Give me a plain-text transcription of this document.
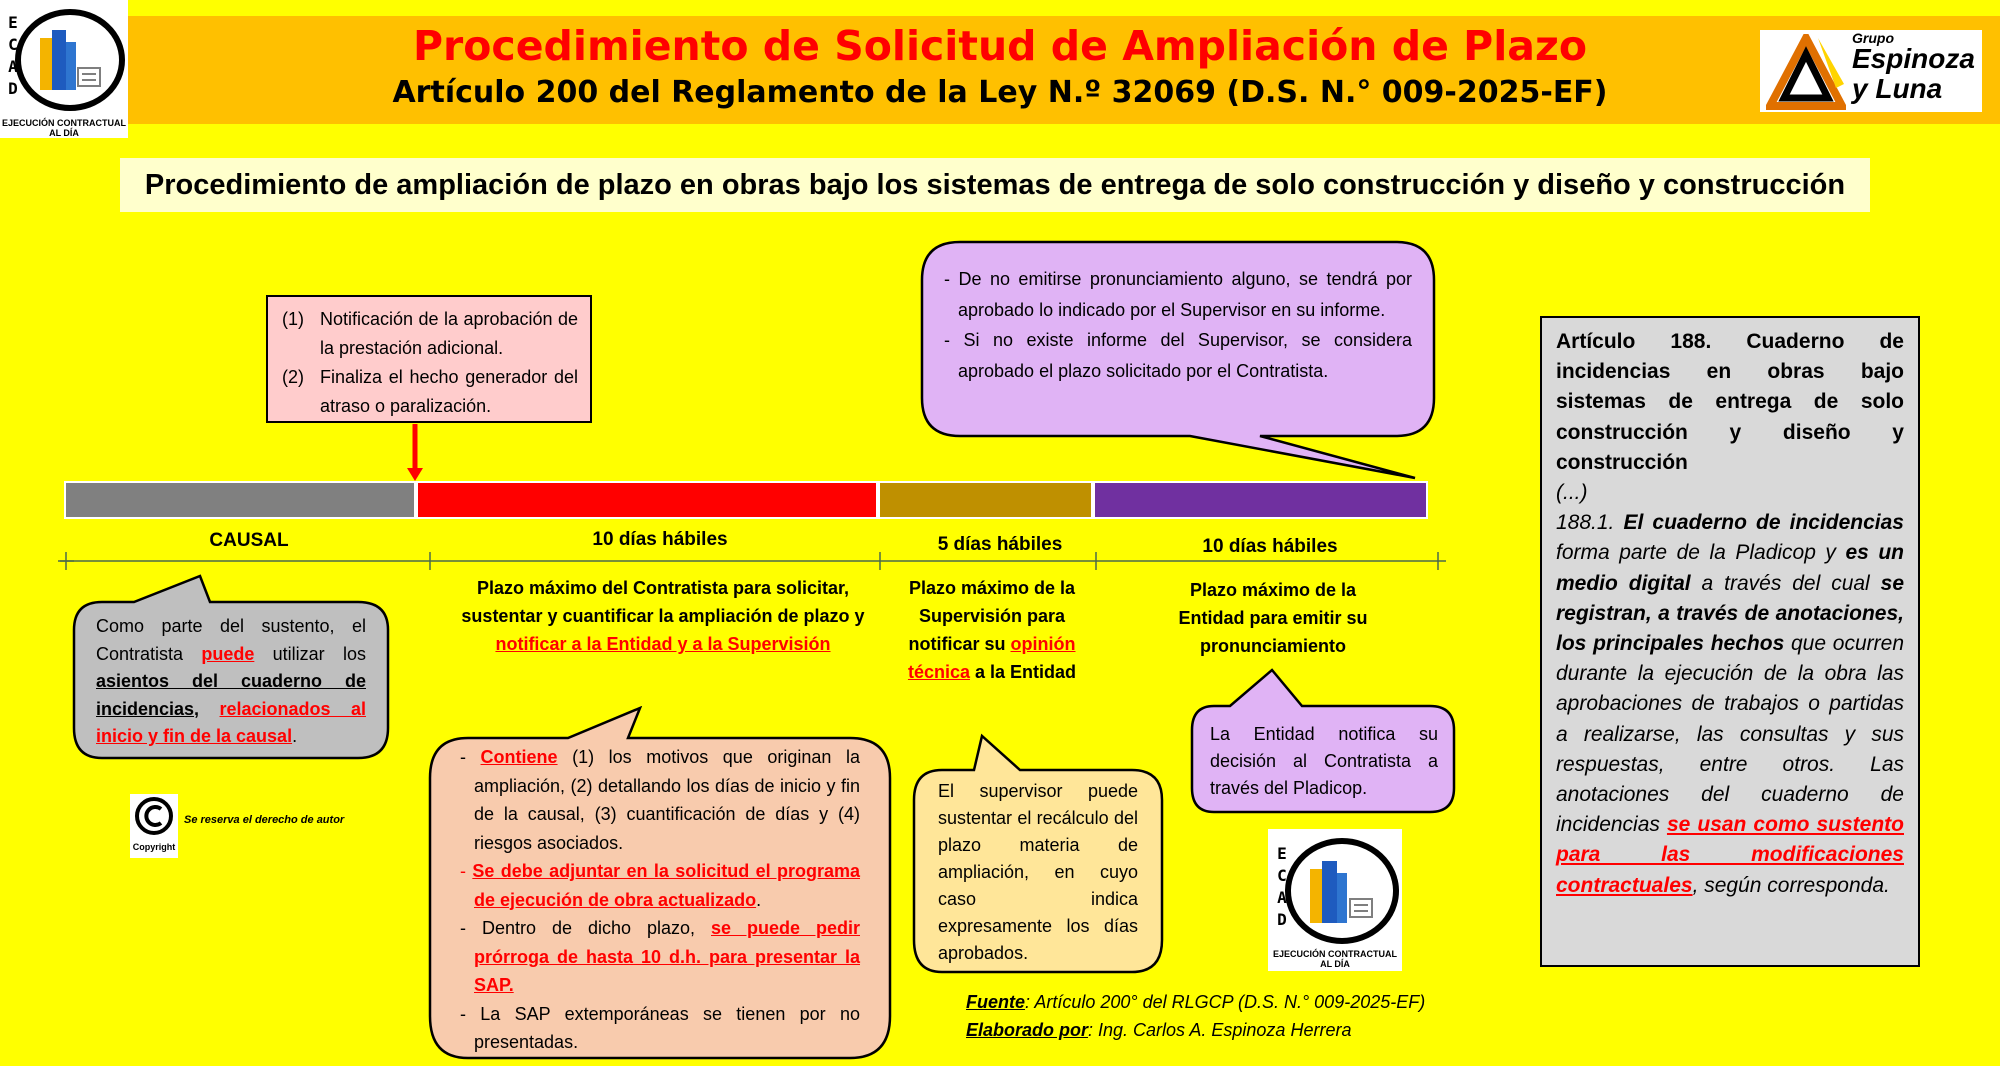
Procedimiento de Solicitud de Ampliación de Plazo
Artículo 200 del Reglamento de la Ley N.º 32069 (D.S. N.° 009-2025-EF)
E
C
A
D
EJECUCIÓN CONTRACTUAL
AL DÍA
Grupo
Espinoza
y Luna
Procedimiento de ampliación de plazo en obras bajo los sistemas de entrega de solo construcción y diseño y construcción
(1) Notificación de la aprobación de la prestación adicional.
(2) Finaliza el hecho generador del atraso o paralización.
- De no emitirse pronunciamiento alguno, se tendrá por aprobado lo indicado por el Supervisor en su informe.
- Si no existe informe del Supervisor, se considera aprobado el plazo solicitado por el Contratista.
CAUSAL	10 días hábiles	5 días hábiles	10 días hábiles
Plazo máximo del Contratista para solicitar, sustentar y cuantificar la ampliación de plazo y notificar a la Entidad y a la Supervisión
Plazo máximo de la Supervisión para notificar su opinión técnica a la Entidad
Plazo máximo de la Entidad para emitir su pronunciamiento
Como parte del sustento, el Contratista puede utilizar los asientos del cuaderno de incidencias, relacionados al inicio y fin de la causal.
- Contiene (1) los motivos que originan la ampliación, (2) detallando los días de inicio y fin de la causal, (3) cuantificación de días y (4) riesgos asociados.
- Se debe adjuntar en la solicitud el programa de ejecución de obra actualizado.
- Dentro de dicho plazo, se puede pedir prórroga de hasta 10 d.h. para presentar la SAP.
- La SAP extemporáneas se tienen por no presentadas.
El supervisor puede sustentar el recálculo del plazo materia de ampliación, en cuyo caso indica expresamente los días aprobados.
La Entidad notifica su decisión al Contratista a través del Pladicop.
Copyright
Se reserva el derecho de autor
E
C
A
D
EJECUCIÓN CONTRACTUAL
AL DÍA
Fuente: Artículo 200° del RLGCP (D.S. N.° 009-2025-EF)
Elaborado por: Ing. Carlos A. Espinoza Herrera
Artículo 188. Cuaderno de incidencias en obras bajo sistemas de entrega de solo construcción y diseño y construcción
(...)
188.1. El cuaderno de incidencias forma parte de la Pladicop y es un medio digital a través del cual se registran, a través de anotaciones, los principales hechos que ocurren durante la ejecución de la obra las aprobaciones de trabajos o partidas a realizarse, las consultas y sus respuestas, entre otros. Las anotaciones del cuaderno de incidencias se usan como sustento para las modificaciones contractuales, según corresponda.
